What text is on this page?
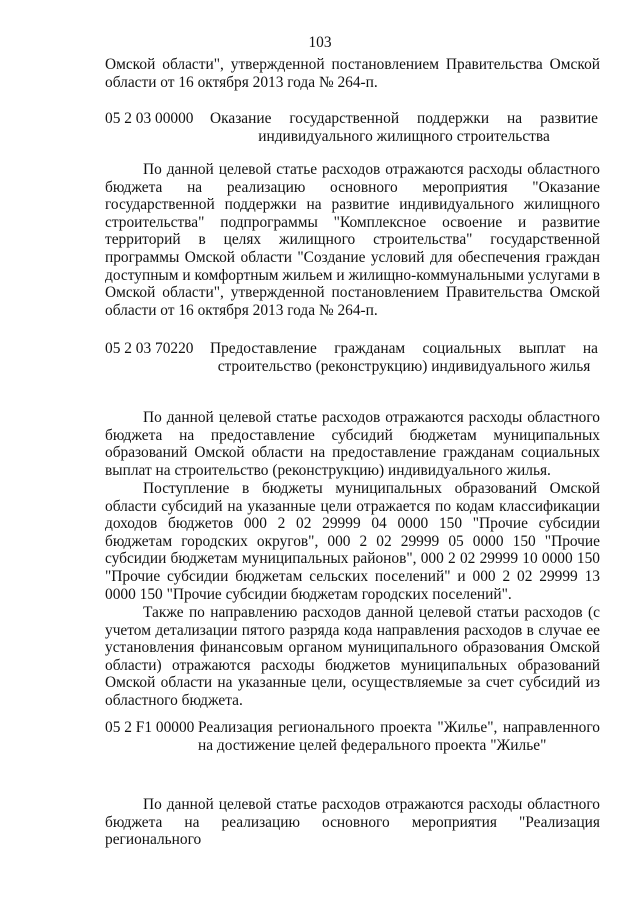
103
Омской области", утвержденной постановлением Правительства Омской области от 16 октября 2013 года № 264-п.
05 2 03 00000 Оказание государственной поддержки на развитие индивидуального жилищного строительства
По данной целевой статье расходов отражаются расходы областного бюджета на реализацию основного мероприятия "Оказание государственной поддержки на развитие индивидуального жилищного строительства" подпрограммы "Комплексное освоение и развитие территорий в целях жилищного строительства" государственной программы Омской области "Создание условий для обеспечения граждан доступным и комфортным жильем и жилищно-коммунальными услугами в Омской области", утвержденной постановлением Правительства Омской области от 16 октября 2013 года № 264-п.
05 2 03 70220 Предоставление гражданам социальных выплат на строительство (реконструкцию) индивидуального жилья
По данной целевой статье расходов отражаются расходы областного бюджета на предоставление субсидий бюджетам муниципальных образований Омской области на предоставление гражданам социальных выплат на строительство (реконструкцию) индивидуального жилья.
Поступление в бюджеты муниципальных образований Омской области субсидий на указанные цели отражается по кодам классификации доходов бюджетов 000 2 02 29999 04 0000 150 "Прочие субсидии бюджетам городских округов", 000 2 02 29999 05 0000 150 "Прочие субсидии бюджетам муниципальных районов", 000 2 02 29999 10 0000 150 "Прочие субсидии бюджетам сельских поселений" и 000 2 02 29999 13 0000 150 "Прочие субсидии бюджетам городских поселений".
Также по направлению расходов данной целевой статьи расходов (с учетом детализации пятого разряда кода направления расходов в случае ее установления финансовым органом муниципального образования Омской области) отражаются расходы бюджетов муниципальных образований Омской области на указанные цели, осуществляемые за счет субсидий из областного бюджета.
05 2 F1 00000 Реализация регионального проекта "Жилье", направленного на достижение целей федерального проекта "Жилье"
По данной целевой статье расходов отражаются расходы областного бюджета на реализацию основного мероприятия "Реализация регионального
